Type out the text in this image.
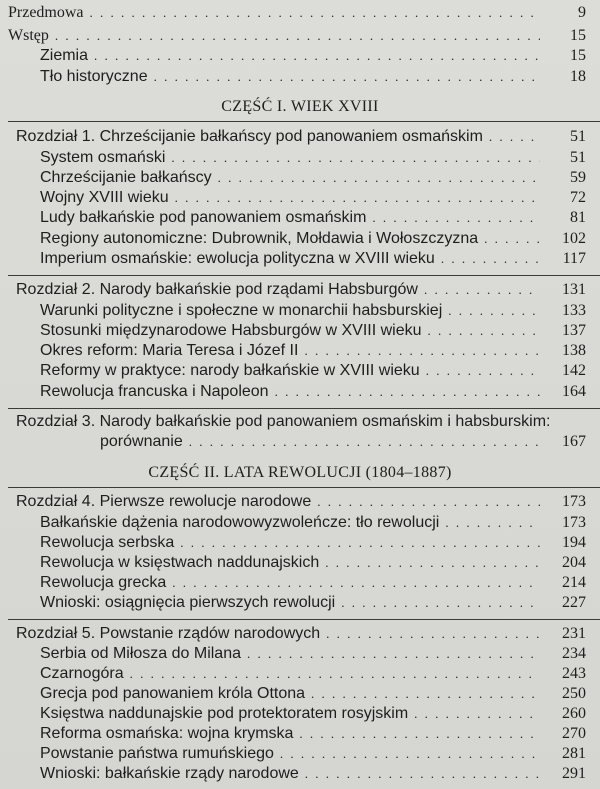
Przedmowa . . .	9
Wstęp . . .	15
Ziemia . . .	15
Tło historyczne . . .	18
CZĘŚĆ I. WIEK XVIII
Rozdział 1. Chrześcijanie bałkańscy pod panowaniem osmańskim . . .	51
System osmański . . .	51
Chrześcijanie bałkańscy . . .	59
Wojny XVIII wieku . . .	72
Ludy bałkańskie pod panowaniem osmańskim . . .	81
Regiony autonomiczne: Dubrownik, Mołdawia i Wołoszczyzna . . .	102
Imperium osmańskie: ewolucja polityczna w XVIII wieku . . .	117
Rozdział 2. Narody bałkańskie pod rządami Habsburgów . . .	131
Warunki polityczne i społeczne w monarchii habsburskiej . . .	133
Stosunki międzynarodowe Habsburgów w XVIII wieku . . .	137
Okres reform: Maria Teresa i Józef II . . .	138
Reformy w praktyce: narody bałkańskie w XVIII wieku . . .	142
Rewolucja francuska i Napoleon . . .	164
Rozdział 3. Narody bałkańskie pod panowaniem osmańskim i habsburskim:
porównanie . . .	167
CZĘŚĆ II. LATA REWOLUCJI (1804–1887)
Rozdział 4. Pierwsze rewolucje narodowe . . .	173
Bałkańskie dążenia narodowowyzwoleńcze: tło rewolucji . . .	173
Rewolucja serbska . . .	194
Rewolucja w księstwach naddunajskich . . .	204
Rewolucja grecka . . .	214
Wnioski: osiągnięcia pierwszych rewolucji . . .	227
Rozdział 5. Powstanie rządów narodowych . . .	231
Serbia od Miłosza do Milana . . .	234
Czarnogóra . . .	243
Grecja pod panowaniem króla Ottona . . .	250
Księstwa naddunajskie pod protektoratem rosyjskim . . .	260
Reforma osmańska: wojna krymska . . .	270
Powstanie państwa rumuńskiego . . .	281
Wnioski: bałkańskie rządy narodowe . . .	291
